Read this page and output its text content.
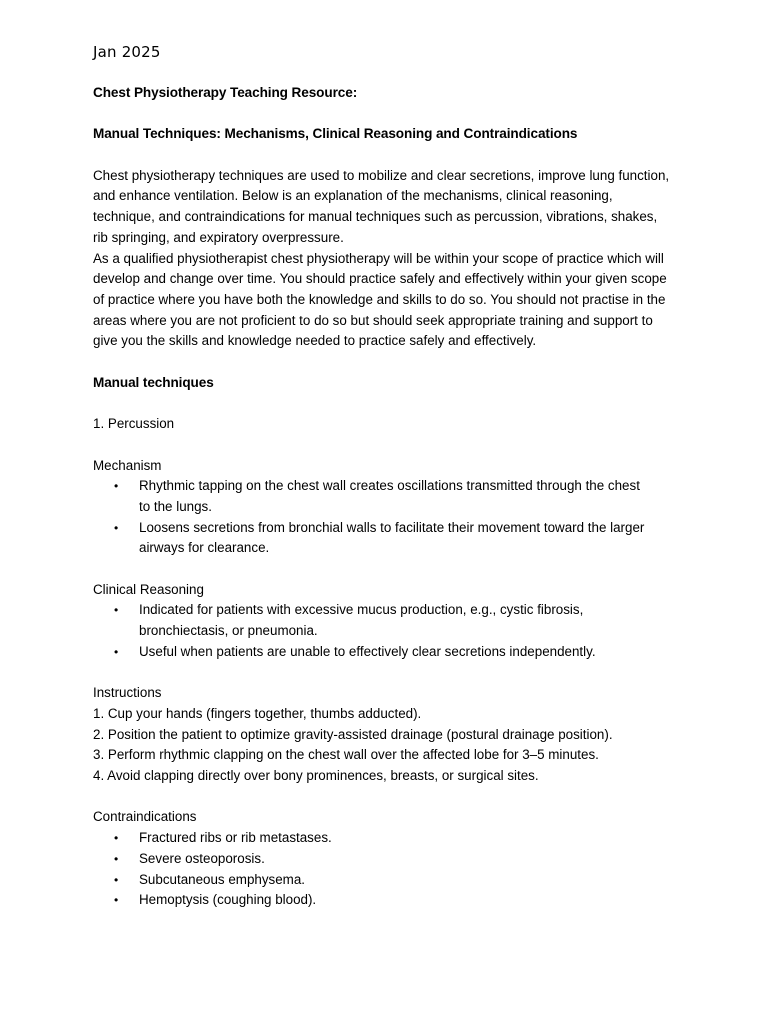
Jan 2025
Chest Physiotherapy Teaching Resource:
Manual Techniques: Mechanisms, Clinical Reasoning and Contraindications

Chest physiotherapy techniques are used to mobilize and clear secretions, improve lung function, and enhance ventilation. Below is an explanation of the mechanisms, clinical reasoning, technique, and contraindications for manual techniques such as percussion, vibrations, shakes, rib springing, and expiratory overpressure.

As a qualified physiotherapist chest physiotherapy will be within your scope of practice which will develop and change over time. You should practice safely and effectively within your given scope of practice where you have both the knowledge and skills to do so. You should not practise in the areas where you are not proficient to do so but should seek appropriate training and support to give you the skills and knowledge needed to practice safely and effectively.

Manual techniques
1. Percussion
Mechanism
• Rhythmic tapping on the chest wall creates oscillations transmitted through the chest to the lungs.
• Loosens secretions from bronchial walls to facilitate their movement toward the larger airways for clearance.
Clinical Reasoning
• Indicated for patients with excessive mucus production, e.g., cystic fibrosis, bronchiectasis, or pneumonia.
• Useful when patients are unable to effectively clear secretions independently.
Instructions
1. Cup your hands (fingers together, thumbs adducted).
2. Position the patient to optimize gravity-assisted drainage (postural drainage position).
3. Perform rhythmic clapping on the chest wall over the affected lobe for 3–5 minutes.
4. Avoid clapping directly over bony prominences, breasts, or surgical sites.
Contraindications
• Fractured ribs or rib metastases.
• Severe osteoporosis.
• Subcutaneous emphysema.
• Hemoptysis (coughing blood).
